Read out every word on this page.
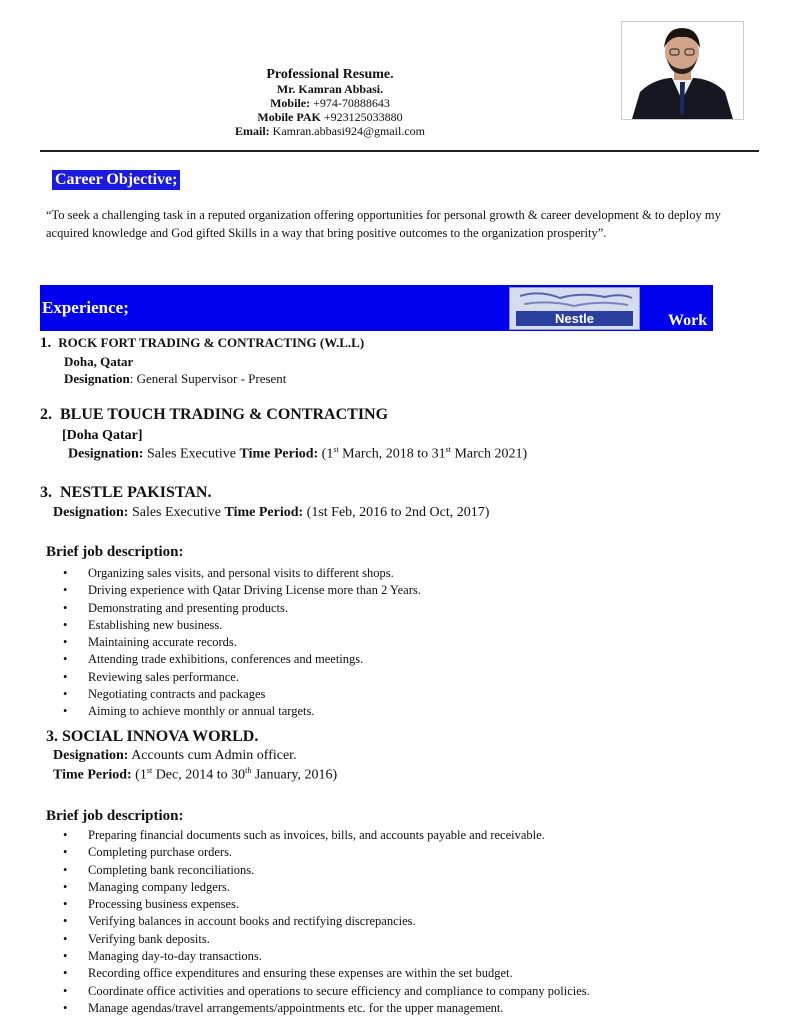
Professional Resume.
Mr. Kamran Abbasi.
Mobile: +974-70888643
Mobile PAK +923125033880
Email: Kamran.abbasi924@gmail.com
Career Objective;
“To seek a challenging task in a reputed organization offering opportunities for personal growth & career development & to deploy my acquired knowledge and God gifted Skills in a way that bring positive outcomes to the organization prosperity”.
Experience;
Work
Nestle
1. ROCK FORT TRADING & CONTRACTING (W.L.L)
Doha, Qatar
Designation: General Supervisor - Present
2. BLUE TOUCH TRADING & CONTRACTING
[Doha Qatar]
Designation: Sales Executive Time Period: (1st March, 2018 to 31st March 2021)
3. NESTLE PAKISTAN.
Designation: Sales Executive Time Period: (1st Feb, 2016 to 2nd Oct, 2017)
Brief job description:
• Organizing sales visits, and personal visits to different shops.
• Driving experience with Qatar Driving License more than 2 Years.
• Demonstrating and presenting products.
• Establishing new business.
• Maintaining accurate records.
• Attending trade exhibitions, conferences and meetings.
• Reviewing sales performance.
• Negotiating contracts and packages
• Aiming to achieve monthly or annual targets.
3. SOCIAL INNOVA WORLD.
Designation: Accounts cum Admin officer.
Time Period: (1st Dec, 2014 to 30th January, 2016)
Brief job description:
• Preparing financial documents such as invoices, bills, and accounts payable and receivable.
• Completing purchase orders.
• Completing bank reconciliations.
• Managing company ledgers.
• Processing business expenses.
• Verifying balances in account books and rectifying discrepancies.
• Verifying bank deposits.
• Managing day-to-day transactions.
• Recording office expenditures and ensuring these expenses are within the set budget.
• Coordinate office activities and operations to secure efficiency and compliance to company policies.
• Manage agendas/travel arrangements/appointments etc. for the upper management.
